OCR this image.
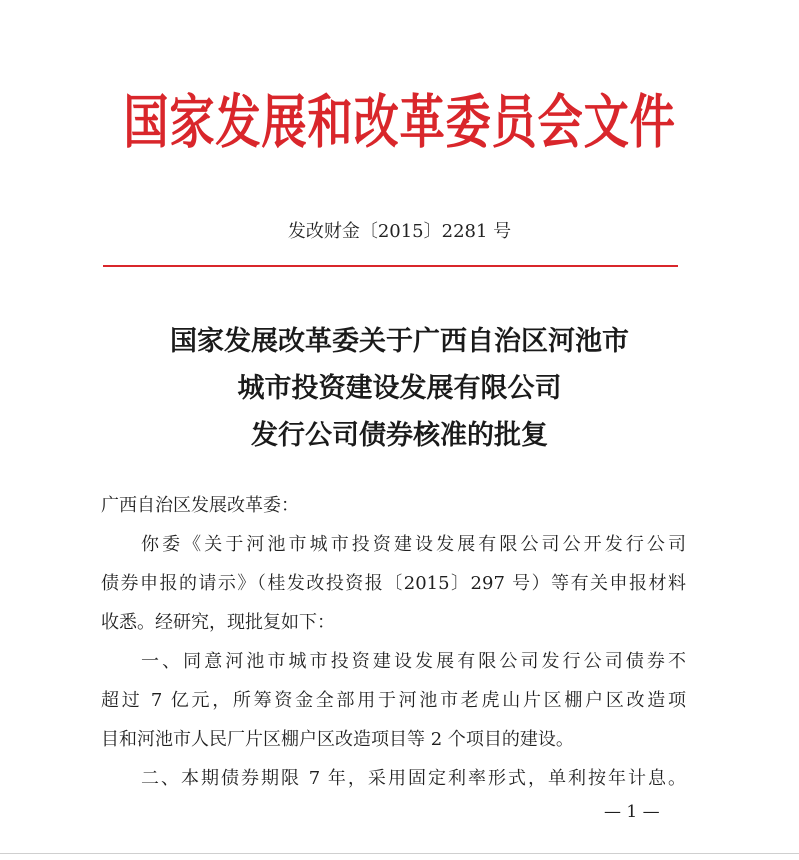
国家发展和改革委员会文件
发改财金〔2015〕2281 号
国家发展改革委关于广西自治区河池市
城市投资建设发展有限公司
发行公司债券核准的批复
广西自治区发展改革委：
你委《关于河池市城市投资建设发展有限公司公开发行公司
债券申报的请示》（桂发改投资报〔2015〕297 号）等有关申报材料
收悉。经研究，现批复如下：
一、同意河池市城市投资建设发展有限公司发行公司债券不
超过 7 亿元，所筹资金全部用于河池市老虎山片区棚户区改造项
目和河池市人民厂片区棚户区改造项目等 2 个项目的建设。
二、本期债券期限 7 年，采用固定利率形式，单利按年计息。
— 1 —
